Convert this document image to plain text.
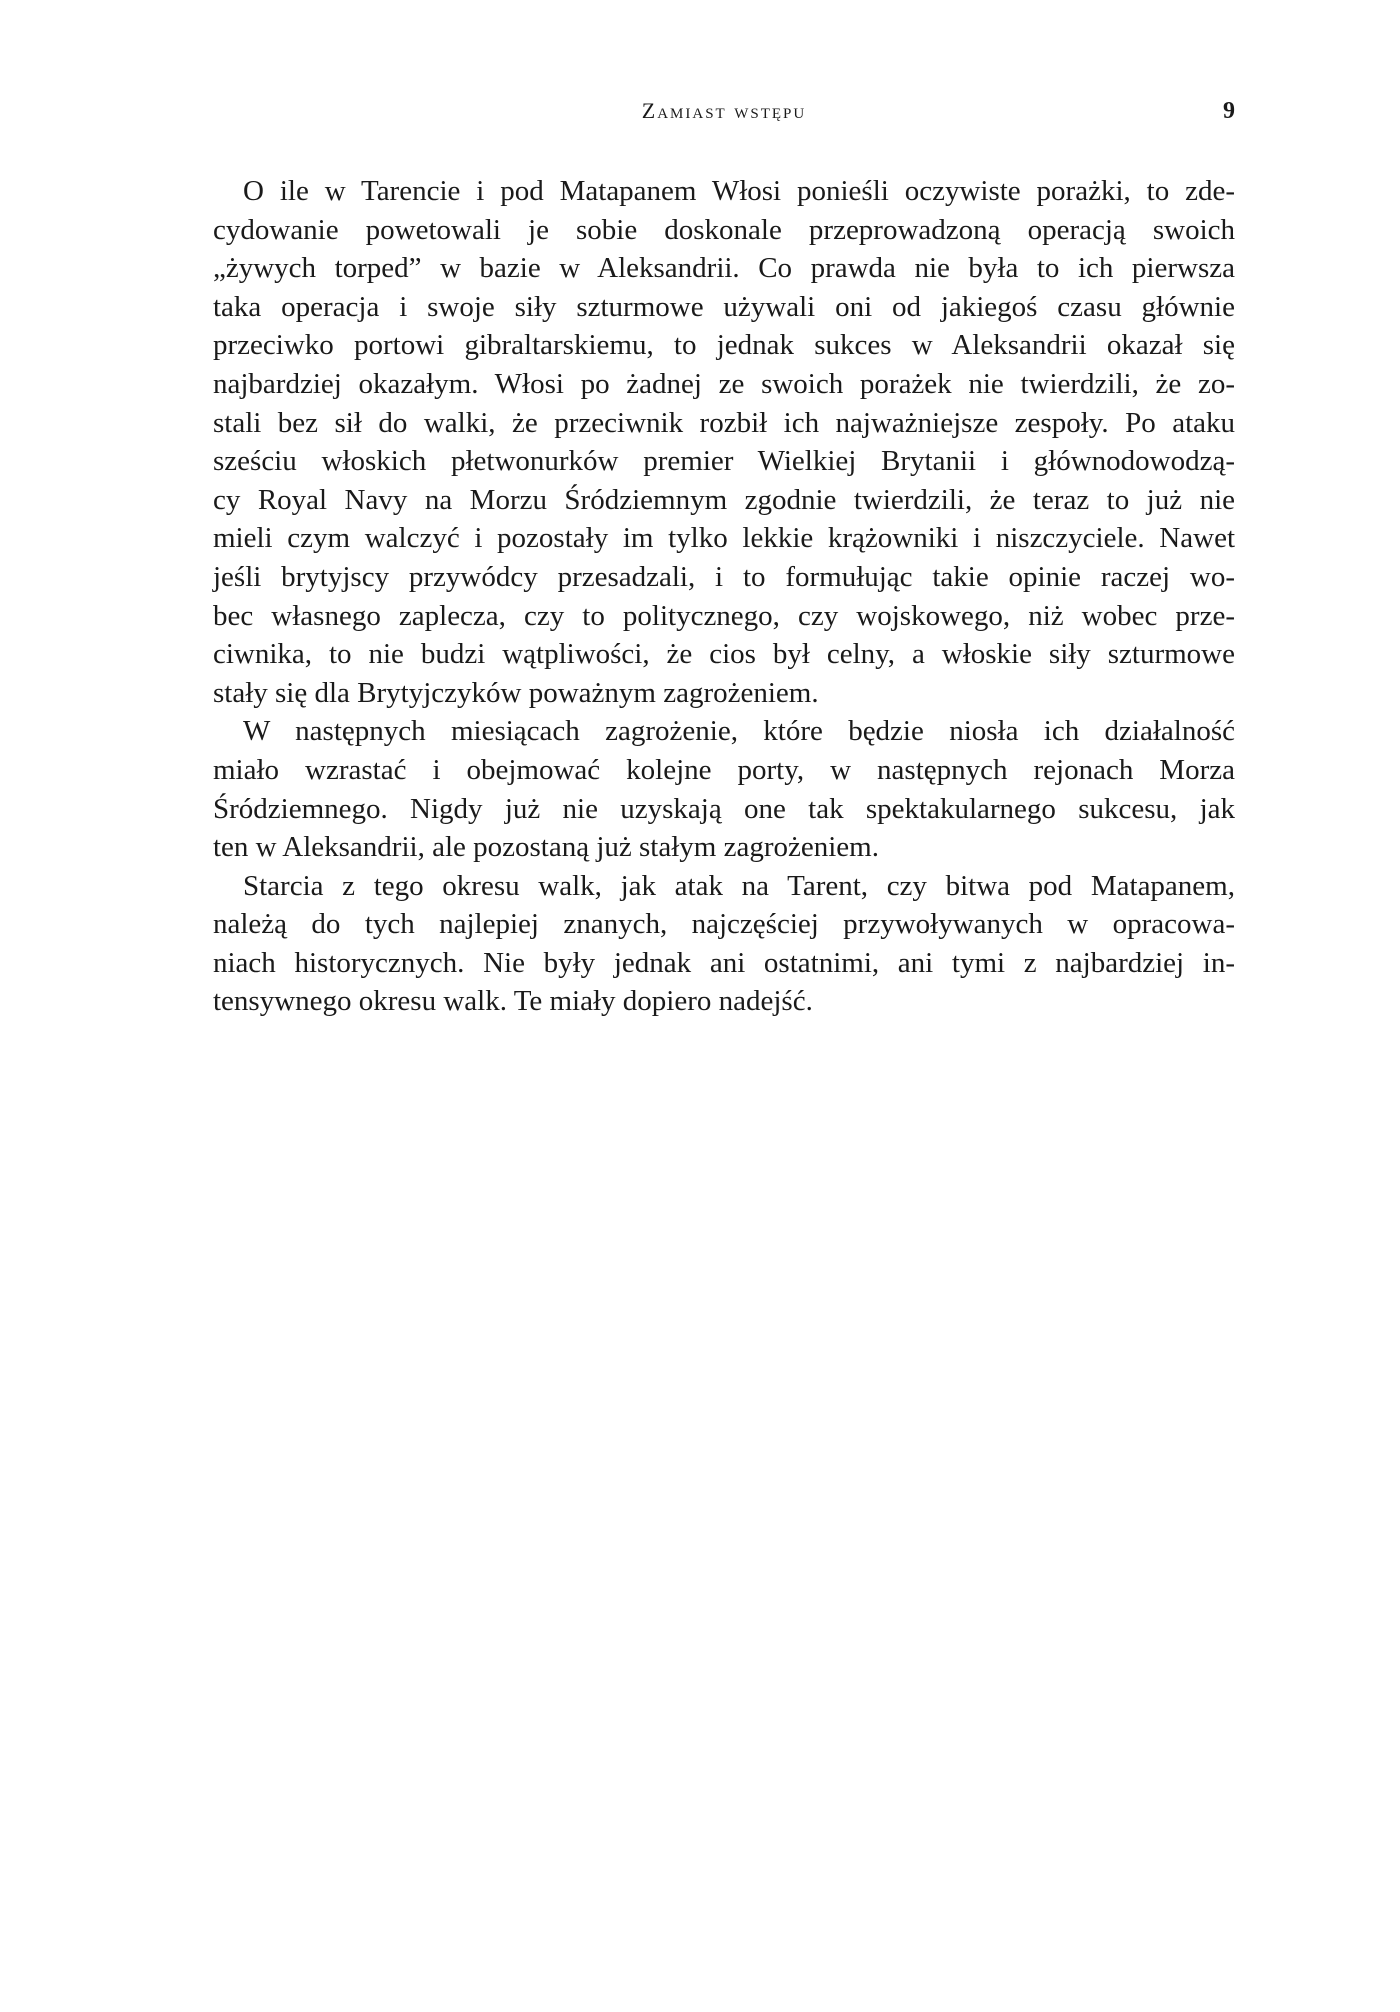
Zamiast wstępu	9
O ile w Tarencie i pod Matapanem Włosi ponieśli oczywiste porażki, to zde-
cydowanie powetowali je sobie doskonale przeprowadzoną operacją swoich
„żywych torped” w bazie w Aleksandrii. Co prawda nie była to ich pierwsza
taka operacja i swoje siły szturmowe używali oni od jakiegoś czasu głównie
przeciwko portowi gibraltarskiemu, to jednak sukces w Aleksandrii okazał się
najbardziej okazałym. Włosi po żadnej ze swoich porażek nie twierdzili, że zo-
stali bez sił do walki, że przeciwnik rozbił ich najważniejsze zespoły. Po ataku
sześciu włoskich płetwonurków premier Wielkiej Brytanii i głównodowodzą-
cy Royal Navy na Morzu Śródziemnym zgodnie twierdzili, że teraz to już nie
mieli czym walczyć i pozostały im tylko lekkie krążowniki i niszczyciele. Nawet
jeśli brytyjscy przywódcy przesadzali, i to formułując takie opinie raczej wo-
bec własnego zaplecza, czy to politycznego, czy wojskowego, niż wobec prze-
ciwnika, to nie budzi wątpliwości, że cios był celny, a włoskie siły szturmowe
stały się dla Brytyjczyków poważnym zagrożeniem.
W następnych miesiącach zagrożenie, które będzie niosła ich działalność
miało wzrastać i obejmować kolejne porty, w następnych rejonach Morza
Śródziemnego. Nigdy już nie uzyskają one tak spektakularnego sukcesu, jak
ten w Aleksandrii, ale pozostaną już stałym zagrożeniem.
Starcia z tego okresu walk, jak atak na Tarent, czy bitwa pod Matapanem,
należą do tych najlepiej znanych, najczęściej przywoływanych w opracowa-
niach historycznych. Nie były jednak ani ostatnimi, ani tymi z najbardziej in-
tensywnego okresu walk. Te miały dopiero nadejść.
